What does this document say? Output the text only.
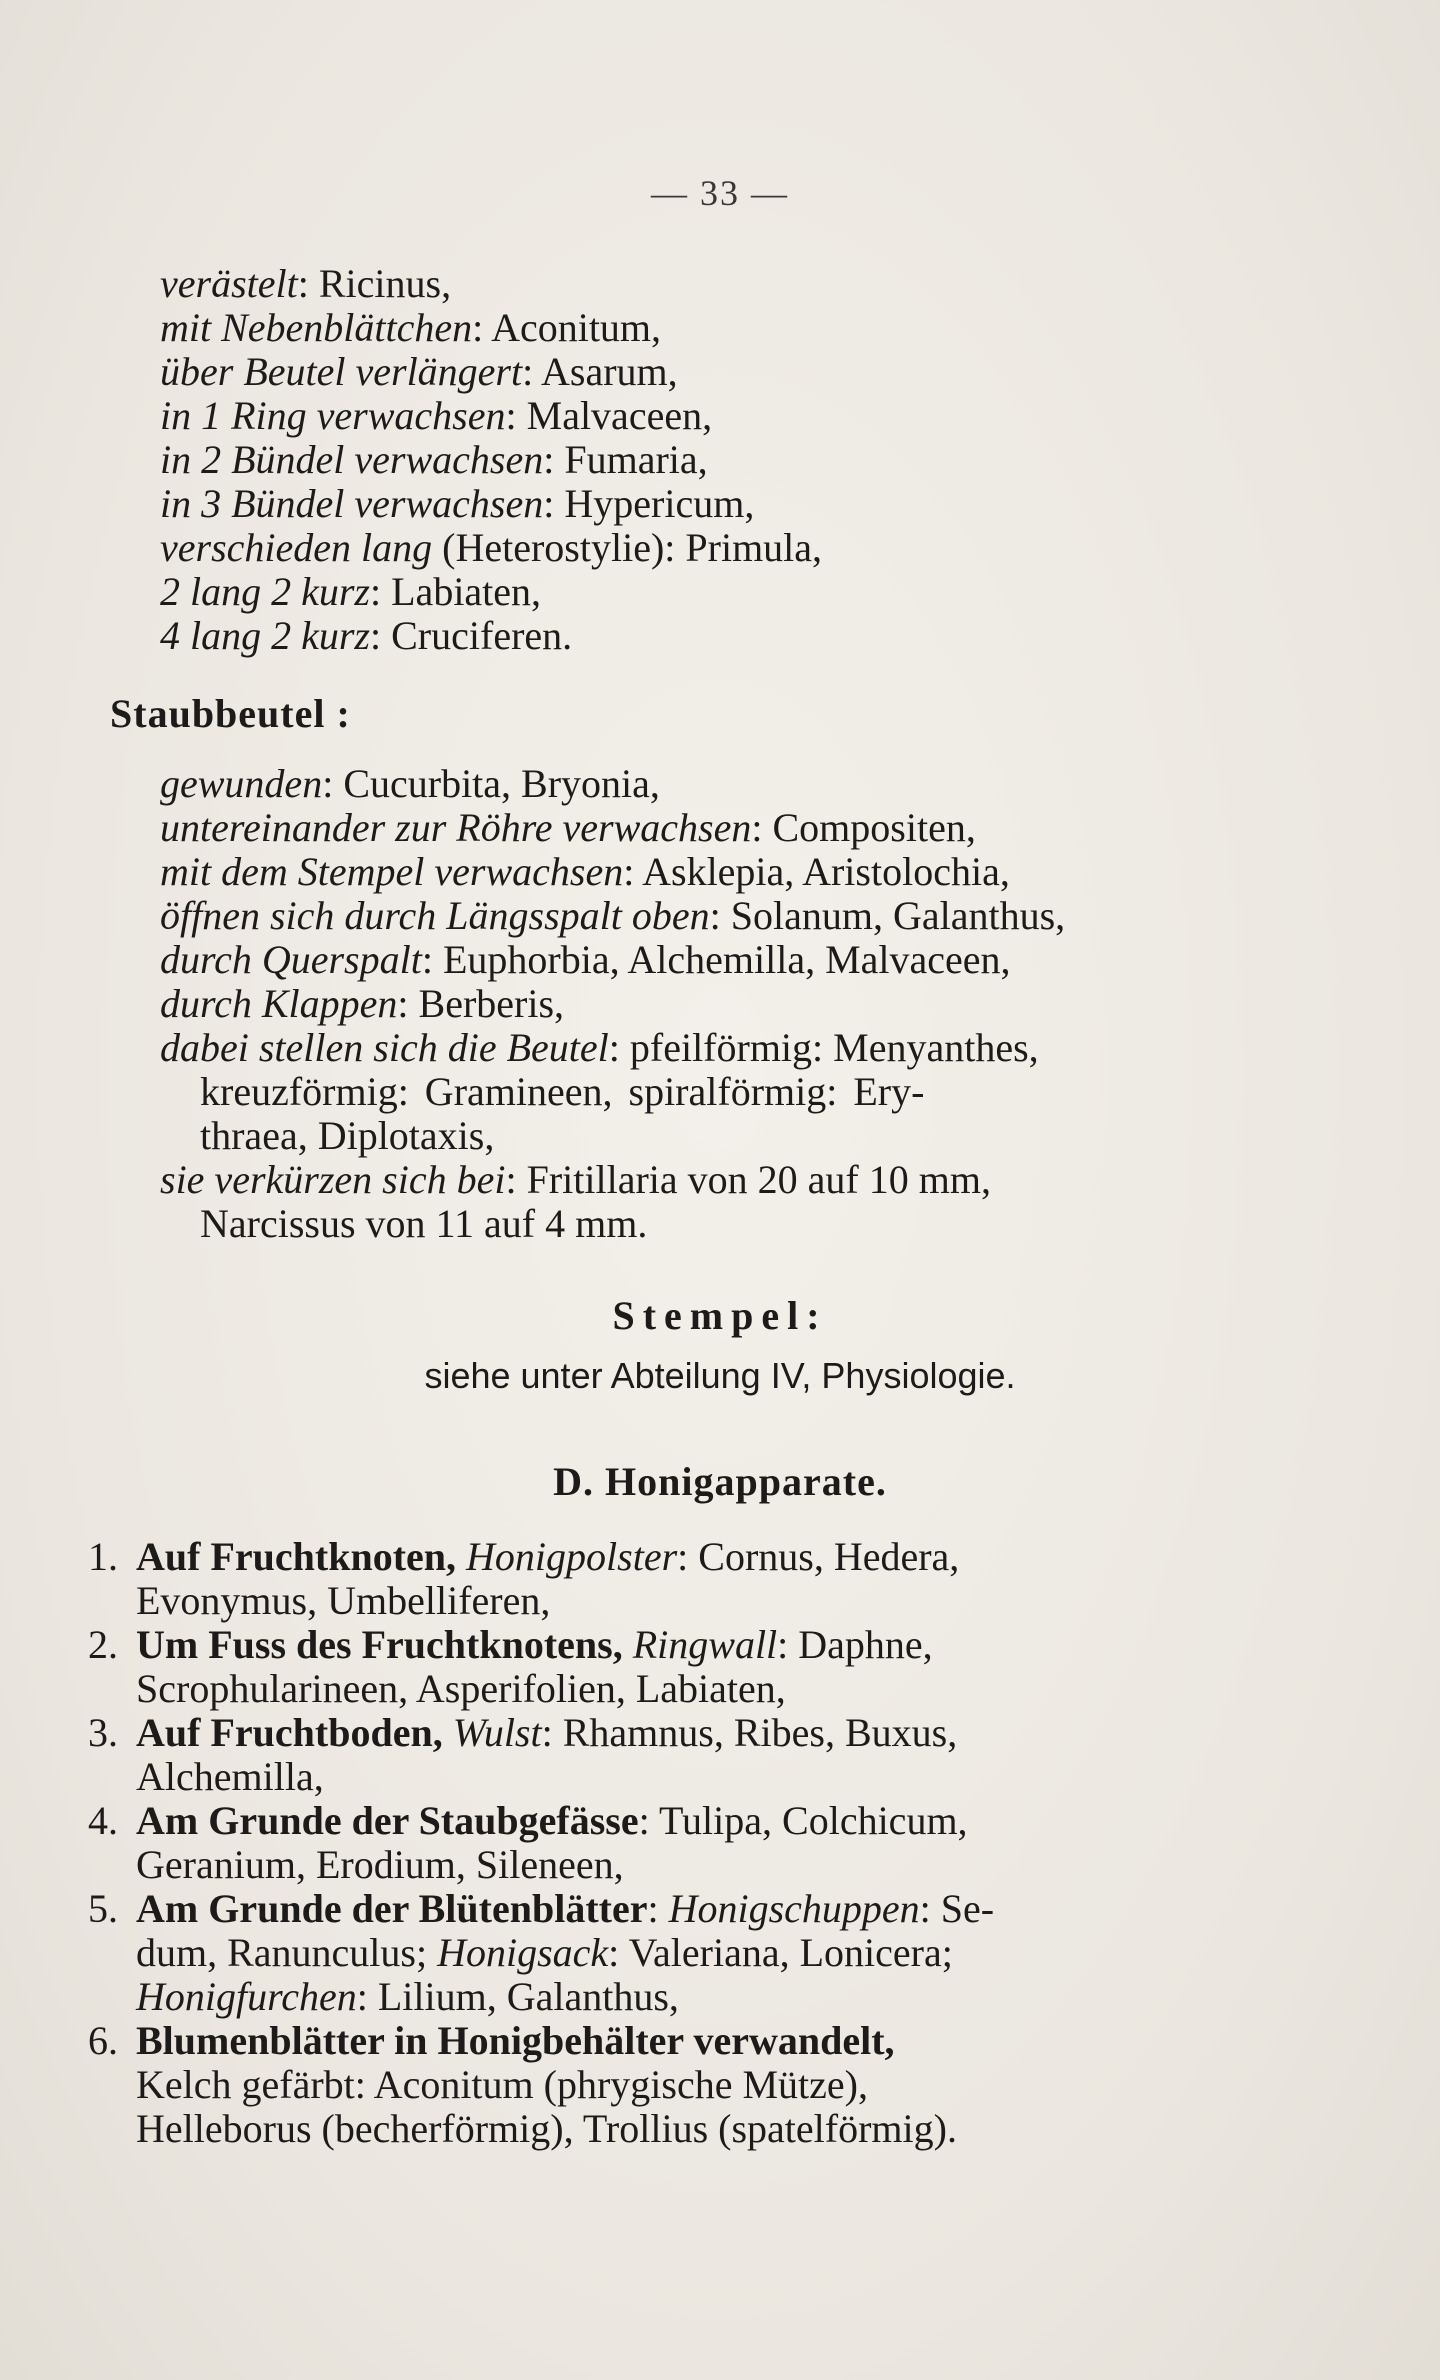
— 33 —
verästelt: Ricinus,
mit Nebenblättchen: Aconitum,
über Beutel verlängert: Asarum,
in 1 Ring verwachsen: Malvaceen,
in 2 Bündel verwachsen: Fumaria,
in 3 Bündel verwachsen: Hypericum,
verschieden lang (Heterostylie): Primula,
2 lang 2 kurz: Labiaten,
4 lang 2 kurz: Cruciferen.
Staubbeutel :
gewunden: Cucurbita, Bryonia,
untereinander zur Röhre verwachsen: Compositen,
mit dem Stempel verwachsen: Asklepia, Aristolochia,
öffnen sich durch Längsspalt oben: Solanum, Galanthus,
durch Querspalt: Euphorbia, Alchemilla, Malvaceen,
durch Klappen: Berberis,
dabei stellen sich die Beutel: pfeilförmig: Menyanthes,
kreuzförmig: Gramineen, spiralförmig: Ery-
thraea, Diplotaxis,
sie verkürzen sich bei: Fritillaria von 20 auf 10 mm,
Narcissus von 11 auf 4 mm.
Stempel:
siehe unter Abteilung IV, Physiologie.
D. Honigapparate.
1. Auf Fruchtknoten, Honigpolster: Cornus, Hedera,
Evonymus, Umbelliferen,
2. Um Fuss des Fruchtknotens, Ringwall: Daphne,
Scrophularineen, Asperifolien, Labiaten,
3. Auf Fruchtboden, Wulst: Rhamnus, Ribes, Buxus,
Alchemilla,
4. Am Grunde der Staubgefässe: Tulipa, Colchicum,
Geranium, Erodium, Sileneen,
5. Am Grunde der Blütenblätter: Honigschuppen: Se-
dum, Ranunculus; Honigsack: Valeriana, Lonicera;
Honigfurchen: Lilium, Galanthus,
6. Blumenblätter in Honigbehälter verwandelt,
Kelch gefärbt: Aconitum (phrygische Mütze),
Helleborus (becherförmig), Trollius (spatelförmig).
